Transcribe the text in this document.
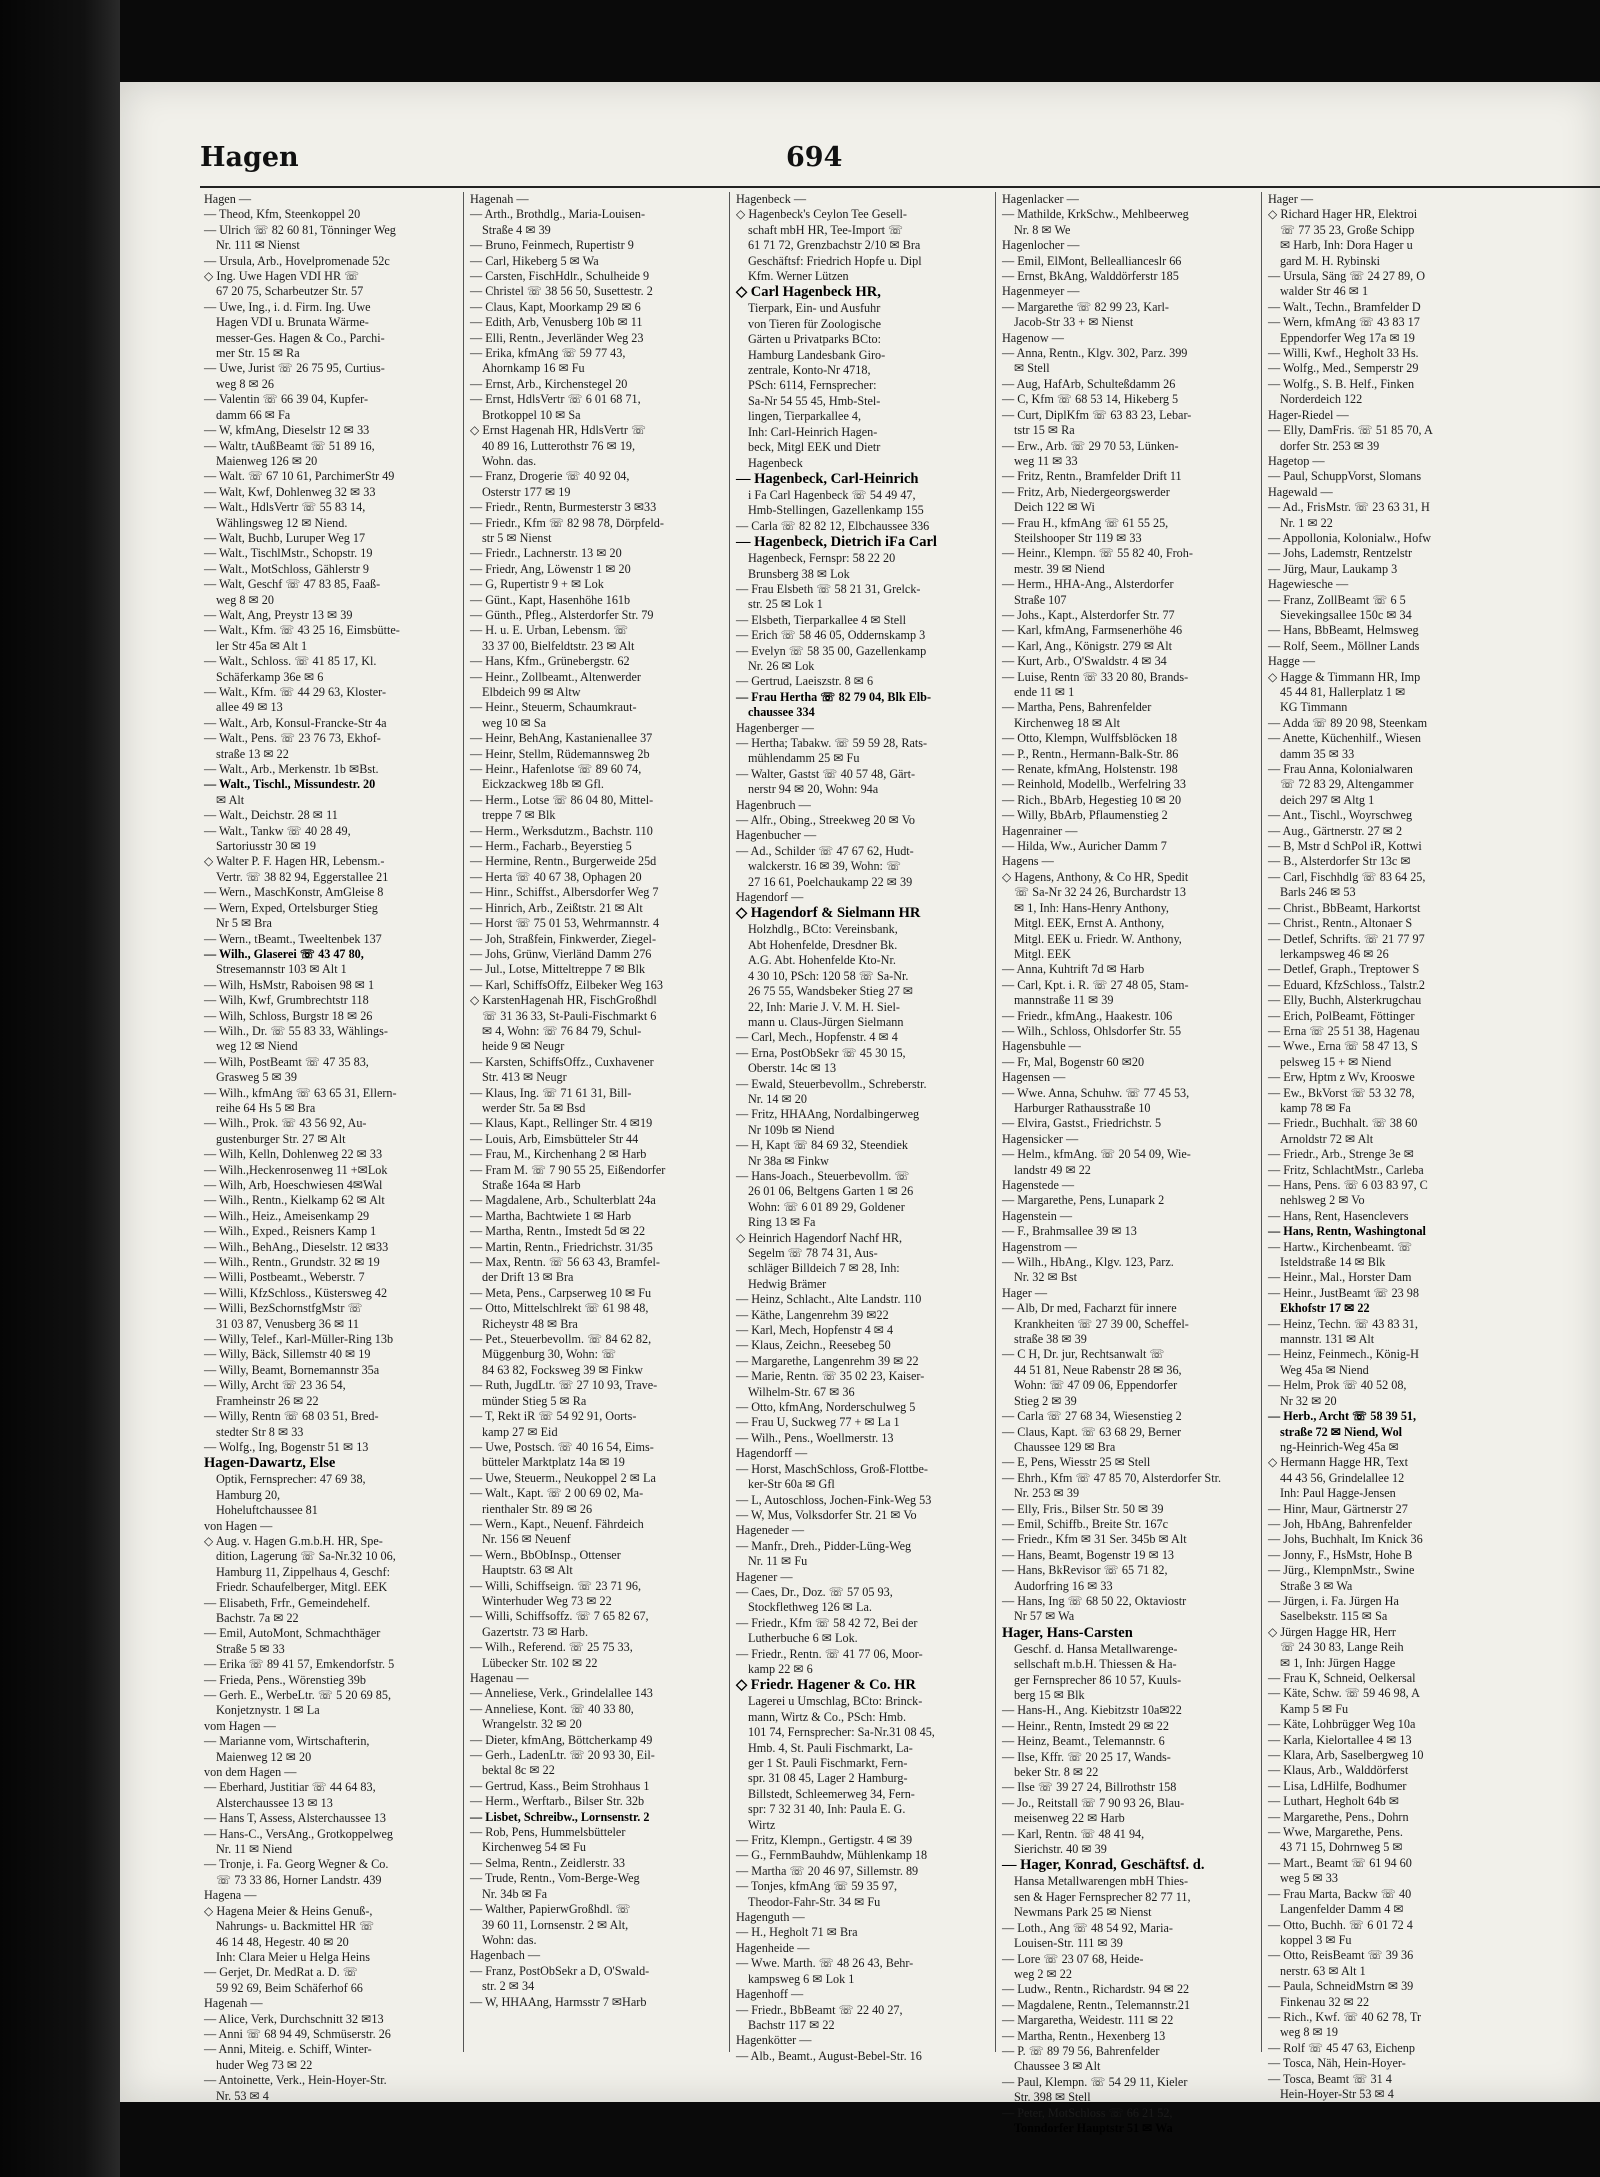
Hagen	694
Hagen —
— Theod, Kfm, Steenkoppel 20
— Ulrich ☏ 82 60 81, Tönninger Weg
Nr. 111 ✉ Nienst
— Ursula, Arb., Hovelpromenade 52c
◇ Ing. Uwe Hagen VDI HR ☏
67 20 75, Scharbeutzer Str. 57
— Uwe, Ing., i. d. Firm. Ing. Uwe
Hagen VDI u. Brunata Wärme-
messer-Ges. Hagen & Co., Parchi-
mer Str. 15 ✉ Ra
— Uwe, Jurist ☏ 26 75 95, Curtius-
weg 8 ✉ 26
— Valentin ☏ 66 39 04, Kupfer-
damm 66 ✉ Fa
— W, kfmAng, Dieselstr 12 ✉ 33
— Waltr, tAußBeamt ☏ 51 89 16,
Maienweg 126 ✉ 20
— Walt. ☏ 67 10 61, ParchimerStr 49
— Walt, Kwf, Dohlenweg 32 ✉ 33
— Walt., HdlsVertr ☏ 55 83 14,
Wählingsweg 12 ✉ Niend.
— Walt, Buchb, Luruper Weg 17
— Walt., TischlMstr., Schopstr. 19
— Walt., MotSchloss, Gählerstr 9
— Walt, Geschf ☏ 47 83 85, Faaß-
weg 8 ✉ 20
— Walt, Ang, Preystr 13 ✉ 39
— Walt., Kfm. ☏ 43 25 16, Eimsbütte-
ler Str 45a ✉ Alt 1
— Walt., Schloss. ☏ 41 85 17, Kl.
Schäferkamp 36e ✉ 6
— Walt., Kfm. ☏ 44 29 63, Kloster-
allee 49 ✉ 13
— Walt., Arb, Konsul-Francke-Str 4a
— Walt., Pens. ☏ 23 76 73, Ekhof-
straße 13 ✉ 22
— Walt., Arb., Merkenstr. 1b ✉Bst.
— Walt., Tischl., Missundestr. 20
✉ Alt
— Walt., Deichstr. 28 ✉ 11
— Walt., Tankw ☏ 40 28 49,
Sartoriusstr 30 ✉ 19
◇ Walter P. F. Hagen HR, Lebensm.-
Vertr. ☏ 38 82 94, Eggerstallee 21
— Wern., MaschKonstr, AmGleise 8
— Wern, Exped, Ortelsburger Stieg
Nr 5 ✉ Bra
— Wern., tBeamt., Tweeltenbek 137
— Wilh., Glaserei ☏ 43 47 80,
Stresemannstr 103 ✉ Alt 1
— Wilh, HsMstr, Raboisen 98 ✉ 1
— Wilh, Kwf, Grumbrechtstr 118
— Wilh, Schloss, Burgstr 18 ✉ 26
— Wilh., Dr. ☏ 55 83 33, Wählings-
weg 12 ✉ Niend
— Wilh, PostBeamt ☏ 47 35 83,
Grasweg 5 ✉ 39
— Wilh., kfmAng ☏ 63 65 31, Ellern-
reihe 64 Hs 5 ✉ Bra
— Wilh., Prok. ☏ 43 56 92, Au-
gustenburger Str. 27 ✉ Alt
— Wilh, Kelln, Dohlenweg 22 ✉ 33
— Wilh.,Heckenrosenweg 11 +✉Lok
— Wilh, Arb, Hoeschwiesen 4✉Wal
— Wilh., Rentn., Kielkamp 62 ✉ Alt
— Wilh., Heiz., Ameisenkamp 29
— Wilh., Exped., Reisners Kamp 1
— Wilh., BehAng., Dieselstr. 12 ✉33
— Wilh., Rentn., Grundstr. 32 ✉ 19
— Willi, Postbeamt., Weberstr. 7
— Willi, KfzSchloss., Küstersweg 42
— Willi, BezSchornstfgMstr ☏
31 03 87, Venusberg 36 ✉ 11
— Willy, Telef., Karl-Müller-Ring 13b
— Willy, Bäck, Sillemstr 40 ✉ 19
— Willy, Beamt, Bornemannstr 35a
— Willy, Archt ☏ 23 36 54,
Framheinstr 26 ✉ 22
— Willy, Rentn ☏ 68 03 51, Bred-
stedter Str 8 ✉ 33
— Wolfg., Ing, Bogenstr 51 ✉ 13
Hagen-Dawartz, Else
Optik, Fernsprecher: 47 69 38,
Hamburg 20,
Hoheluftchaussee 81
von Hagen —
◇ Aug. v. Hagen G.m.b.H. HR, Spe-
dition, Lagerung ☏ Sa-Nr.32 10 06,
Hamburg 11, Zippelhaus 4, Geschf:
Friedr. Schaufelberger, Mitgl. EEK
— Elisabeth, Frfr., Gemeindehelf.
Bachstr. 7a ✉ 22
— Emil, AutoMont, Schmachthäger
Straße 5 ✉ 33
— Erika ☏ 89 41 57, Emkendorfstr. 5
— Frieda, Pens., Wörenstieg 39b
— Gerh. E., WerbeLtr. ☏ 5 20 69 85,
Konjetznystr. 1 ✉ La
vom Hagen —
— Marianne vom, Wirtschafterin,
Maienweg 12 ✉ 20
von dem Hagen —
— Eberhard, Justitiar ☏ 44 64 83,
Alsterchaussee 13 ✉ 13
— Hans T, Assess, Alsterchaussee 13
— Hans-C., VersAng., Grotkoppelweg
Nr. 11 ✉ Niend
— Tronje, i. Fa. Georg Wegner & Co.
☏ 73 33 86, Horner Landstr. 439
Hagena —
◇ Hagena Meier & Heins Genuß-,
Nahrungs- u. Backmittel HR ☏
46 14 48, Hegestr. 40 ✉ 20
Inh: Clara Meier u Helga Heins
— Gerjet, Dr. MedRat a. D. ☏
59 92 69, Beim Schäferhof 66
Hagenah —
— Alice, Verk, Durchschnitt 32 ✉13
— Anni ☏ 68 94 49, Schmüserstr. 26
— Anni, Miteig. e. Schiff, Winter-
huder Weg 73 ✉ 22
— Antoinette, Verk., Hein-Hoyer-Str.
Nr. 53 ✉ 4
Hagenah —
— Arth., Brothdlg., Maria-Louisen-
Straße 4 ✉ 39
— Bruno, Feinmech, Rupertistr 9
— Carl, Hikeberg 5 ✉ Wa
— Carsten, FischHdlr., Schulheide 9
— Christel ☏ 38 56 50, Susettestr. 2
— Claus, Kapt, Moorkamp 29 ✉ 6
— Edith, Arb, Venusberg 10b ✉ 11
— Elli, Rentn., Jeverländer Weg 23
— Erika, kfmAng ☏ 59 77 43,
Ahornkamp 16 ✉ Fu
— Ernst, Arb., Kirchenstegel 20
— Ernst, HdlsVertr ☏ 6 01 68 71,
Brotkoppel 10 ✉ Sa
◇ Ernst Hagenah HR, HdlsVertr ☏
40 89 16, Lutterothstr 76 ✉ 19,
Wohn. das.
— Franz, Drogerie ☏ 40 92 04,
Osterstr 177 ✉ 19
— Friedr., Rentn, Burmesterstr 3 ✉33
— Friedr., Kfm ☏ 82 98 78, Dörpfeld-
str 5 ✉ Nienst
— Friedr., Lachnerstr. 13 ✉ 20
— Friedr, Ang, Löwenstr 1 ✉ 20
— G, Rupertistr 9 + ✉ Lok
— Günt., Kapt, Hasenhöhe 161b
— Günth., Pfleg., Alsterdorfer Str. 79
— H. u. E. Urban, Lebensm. ☏
33 37 00, Bielfeldtstr. 23 ✉ Alt
— Hans, Kfm., Grünebergstr. 62
— Heinr., Zollbeamt., Altenwerder
Elbdeich 99 ✉ Altw
— Heinr., Steuerm, Schaumkraut-
weg 10 ✉ Sa
— Heinr, BehAng, Kastanienallee 37
— Heinr, Stellm, Rüdemannsweg 2b
— Heinr., Hafenlotse ☏ 89 60 74,
Eickzackweg 18b ✉ Gfl.
— Herm., Lotse ☏ 86 04 80, Mittel-
treppe 7 ✉ Blk
— Herm., Werksdutzm., Bachstr. 110
— Herm., Facharb., Beyerstieg 5
— Hermine, Rentn., Burgerweide 25d
— Herta ☏ 40 67 38, Ophagen 20
— Hinr., Schiffst., Albersdorfer Weg 7
— Hinrich, Arb., Zeißtstr. 21 ✉ Alt
— Horst ☏ 75 01 53, Wehrmannstr. 4
— Joh, Straßfein, Finkwerder, Ziegel-
— Johs, Grünw, Vierländ Damm 276
— Jul., Lotse, Mitteltreppe 7 ✉ Blk
— Karl, SchiffsOffz, Eilbeker Weg 163
◇ KarstenHagenah HR, FischGroßhdl
☏ 31 36 33, St-Pauli-Fischmarkt 6
✉ 4, Wohn: ☏ 76 84 79, Schul-
heide 9 ✉ Neugr
— Karsten, SchiffsOffz., Cuxhavener
Str. 413 ✉ Neugr
— Klaus, Ing. ☏ 71 61 31, Bill-
werder Str. 5a ✉ Bsd
— Klaus, Kapt., Rellinger Str. 4 ✉19
— Louis, Arb, Eimsbütteler Str 44
— Frau, M., Kirchenhang 2 ✉ Harb
— Fram M. ☏ 7 90 55 25, Eißendorfer
Straße 164a ✉ Harb
— Magdalene, Arb., Schulterblatt 24a
— Martha, Bachtwiete 1 ✉ Harb
— Martha, Rentn., Imstedt 5d ✉ 22
— Martin, Rentn., Friedrichstr. 31/35
— Max, Rentn. ☏ 56 63 43, Bramfel-
der Drift 13 ✉ Bra
— Meta, Pens., Carpserweg 10 ✉ Fu
— Otto, Mittelschlrekt ☏ 61 98 48,
Richeystr 48 ✉ Bra
— Pet., Steuerbevollm. ☏ 84 62 82,
Müggenburg 30, Wohn: ☏
84 63 82, Focksweg 39 ✉ Finkw
— Ruth, JugdLtr. ☏ 27 10 93, Trave-
münder Stieg 5 ✉ Ra
— T, Rekt iR ☏ 54 92 91, Oorts-
kamp 27 ✉ Eid
— Uwe, Postsch. ☏ 40 16 54, Eims-
bütteler Marktplatz 14a ✉ 19
— Uwe, Steuerm., Neukoppel 2 ✉ La
— Walt., Kapt. ☏ 2 00 69 02, Ma-
rienthaler Str. 89 ✉ 26
— Wern., Kapt., Neuenf. Fährdeich
Nr. 156 ✉ Neuenf
— Wern., BbObInsp., Ottenser
Hauptstr. 63 ✉ Alt
— Willi, Schiffseign. ☏ 23 71 96,
Winterhuder Weg 73 ✉ 22
— Willi, Schiffsoffz. ☏ 7 65 82 67,
Gazertstr. 73 ✉ Harb.
— Wilh., Referend. ☏ 25 75 33,
Lübecker Str. 102 ✉ 22
Hagenau —
— Anneliese, Verk., Grindelallee 143
— Anneliese, Kont. ☏ 40 33 80,
Wrangelstr. 32 ✉ 20
— Dieter, kfmAng, Böttcherkamp 49
— Gerh., LadenLtr. ☏ 20 93 30, Eil-
bektal 8c ✉ 22
— Gertrud, Kass., Beim Strohhaus 1
— Herm., Werftarb., Bilser Str. 32b
— Lisbet, Schreibw., Lornsenstr. 2
— Rob, Pens, Hummelsbütteler
Kirchenweg 54 ✉ Fu
— Selma, Rentn., Zeidlerstr. 33
— Trude, Rentn., Vom-Berge-Weg
Nr. 34b ✉ Fa
— Walther, PapierwGroßhdl. ☏
39 60 11, Lornsenstr. 2 ✉ Alt,
Wohn: das.
Hagenbach —
— Franz, PostObSekr a D, O'Swald-
str. 2 ✉ 34
— W, HHAAng, Harmsstr 7 ✉Harb
Hagenbeck —
◇ Hagenbeck's Ceylon Tee Gesell-
schaft mbH HR, Tee-Import ☏
61 71 72, Grenzbachstr 2/10 ✉ Bra
Geschäftsf: Friedrich Hopfe u. Dipl
Kfm. Werner Lützen
◇ Carl Hagenbeck HR,
Tierpark, Ein- und Ausfuhr
von Tieren für Zoologische
Gärten u Privatparks BCto:
Hamburg Landesbank Giro-
zentrale, Konto-Nr 4718,
PSch: 6114, Fernsprecher:
Sa-Nr 54 55 45, Hmb-Stel-
lingen, Tierparkallee 4,
Inh: Carl-Heinrich Hagen-
beck, Mitgl EEK und Dietr
Hagenbeck
— Hagenbeck, Carl-Heinrich
i Fa Carl Hagenbeck ☏ 54 49 47,
Hmb-Stellingen, Gazellenkamp 155
— Carla ☏ 82 82 12, Elbchaussee 336
— Hagenbeck, Dietrich iFa Carl
Hagenbeck, Fernspr: 58 22 20
Brunsberg 38 ✉ Lok
— Frau Elsbeth ☏ 58 21 31, Grelck-
str. 25 ✉ Lok 1
— Elsbeth, Tierparkallee 4 ✉ Stell
— Erich ☏ 58 46 05, Oddernskamp 3
— Evelyn ☏ 58 35 00, Gazellenkamp
Nr. 26 ✉ Lok
— Gertrud, Laeiszstr. 8 ✉ 6
— Frau Hertha ☏ 82 79 04, Blk Elb-
chaussee 334
Hagenberger —
— Hertha; Tabakw. ☏ 59 59 28, Rats-
mühlendamm 25 ✉ Fu
— Walter, Gastst ☏ 40 57 48, Gärt-
nerstr 94 ✉ 20, Wohn: 94a
Hagenbruch —
— Alfr., Obing., Streekweg 20 ✉ Vo
Hagenbucher —
— Ad., Schilder ☏ 47 67 62, Hudt-
walckerstr. 16 ✉ 39, Wohn: ☏
27 16 61, Poelchaukamp 22 ✉ 39
Hagendorf —
◇ Hagendorf & Sielmann HR
Holzhdlg., BCto: Vereinsbank,
Abt Hohenfelde, Dresdner Bk.
A.G. Abt. Hohenfelde Kto-Nr.
4 30 10, PSch: 120 58 ☏ Sa-Nr.
26 75 55, Wandsbeker Stieg 27 ✉
22, Inh: Marie J. V. M. H. Siel-
mann u. Claus-Jürgen Sielmann
— Carl, Mech., Hopfenstr. 4 ✉ 4
— Erna, PostObSekr ☏ 45 30 15,
Oberstr. 14c ✉ 13
— Ewald, Steuerbevollm., Schreberstr.
Nr. 14 ✉ 20
— Fritz, HHAAng, Nordalbingerweg
Nr 109b ✉ Niend
— H, Kapt ☏ 84 69 32, Steendiek
Nr 38a ✉ Finkw
— Hans-Joach., Steuerbevollm. ☏
26 01 06, Beltgens Garten 1 ✉ 26
Wohn: ☏ 6 01 89 29, Goldener
Ring 13 ✉ Fa
◇ Heinrich Hagendorf Nachf HR,
Segelm ☏ 78 74 31, Aus-
schläger Billdeich 7 ✉ 28, Inh:
Hedwig Brämer
— Heinz, Schlacht., Alte Landstr. 110
— Käthe, Langenrehm 39 ✉22
— Karl, Mech, Hopfenstr 4 ✉ 4
— Klaus, Zeichn., Reesebeg 50
— Margarethe, Langenrehm 39 ✉ 22
— Marie, Rentn. ☏ 35 02 23, Kaiser-
Wilhelm-Str. 67 ✉ 36
— Otto, kfmAng, Norderschulweg 5
— Frau U, Suckweg 77 + ✉ La 1
— Wilh., Pens., Woellmerstr. 13
Hagendorff —
— Horst, MaschSchloss, Groß-Flottbe-
ker-Str 60a ✉ Gfl
— L, Autoschloss, Jochen-Fink-Weg 53
— W, Mus, Volksdorfer Str. 21 ✉ Vo
Hageneder —
— Manfr., Dreh., Pidder-Lüng-Weg
Nr. 11 ✉ Fu
Hagener —
— Caes, Dr., Doz. ☏ 57 05 93,
Stockflethweg 126 ✉ La.
— Friedr., Kfm ☏ 58 42 72, Bei der
Lutherbuche 6 ✉ Lok.
— Friedr., Rentn. ☏ 41 77 06, Moor-
kamp 22 ✉ 6
◇ Friedr. Hagener & Co. HR
Lagerei u Umschlag, BCto: Brinck-
mann, Wirtz & Co., PSch: Hmb.
101 74, Fernsprecher: Sa-Nr.31 08 45,
Hmb. 4, St. Pauli Fischmarkt, La-
ger 1 St. Pauli Fischmarkt, Fern-
spr. 31 08 45, Lager 2 Hamburg-
Billstedt, Schleemerweg 34, Fern-
spr: 7 32 31 40, Inh: Paula E. G.
Wirtz
— Fritz, Klempn., Gertigstr. 4 ✉ 39
— G., FernmBauhdw, Mühlenkamp 18
— Martha ☏ 20 46 97, Sillemstr. 89
— Tonjes, kfmAng ☏ 59 35 97,
Theodor-Fahr-Str. 34 ✉ Fu
Hagenguth —
— H., Hegholt 71 ✉ Bra
Hagenheide —
— Wwe. Marth. ☏ 48 26 43, Behr-
kampsweg 6 ✉ Lok 1
Hagenhoff —
— Friedr., BbBeamt ☏ 22 40 27,
Bachstr 117 ✉ 22
Hagenkötter —
— Alb., Beamt., August-Bebel-Str. 16
Hagenlacker —
— Mathilde, KrkSchw., Mehlbeerweg
Nr. 8 ✉ We
Hagenlocher —
— Emil, ElMont, Belleallianceslr 66
— Ernst, BkAng, Walddörferstr 185
Hagenmeyer —
— Margarethe ☏ 82 99 23, Karl-
Jacob-Str 33 + ✉ Nienst
Hagenow —
— Anna, Rentn., Klgv. 302, Parz. 399
✉ Stell
— Aug, HafArb, Schulteßdamm 26
— C, Kfm ☏ 68 53 14, Hikeberg 5
— Curt, DiplKfm ☏ 63 83 23, Lebar-
tstr 15 ✉ Ra
— Erw., Arb. ☏ 29 70 53, Lünken-
weg 11 ✉ 33
— Fritz, Rentn., Bramfelder Drift 11
— Fritz, Arb, Niedergeorgswerder
Deich 122 ✉ Wi
— Frau H., kfmAng ☏ 61 55 25,
Steilshooper Str 119 ✉ 33
— Heinr., Klempn. ☏ 55 82 40, Froh-
mestr. 39 ✉ Niend
— Herm., HHA-Ang., Alsterdorfer
Straße 107
— Johs., Kapt., Alsterdorfer Str. 77
— Karl, kfmAng, Farmsenerhöhe 46
— Karl, Ang., Königstr. 279 ✉ Alt
— Kurt, Arb., O'Swaldstr. 4 ✉ 34
— Luise, Rentn ☏ 33 20 80, Brands-
ende 11 ✉ 1
— Martha, Pens, Bahrenfelder
Kirchenweg 18 ✉ Alt
— Otto, Klempn, Wulffsblöcken 18
— P., Rentn., Hermann-Balk-Str. 86
— Renate, kfmAng, Holstenstr. 198
— Reinhold, Modellb., Werfelring 33
— Rich., BbArb, Hegestieg 10 ✉ 20
— Willy, BbArb, Pflaumenstieg 2
Hagenrainer —
— Hilda, Ww., Auricher Damm 7
Hagens —
◇ Hagens, Anthony, & Co HR, Spedit
☏ Sa-Nr 32 24 26, Burchardstr 13
✉ 1, Inh: Hans-Henry Anthony,
Mitgl. EEK, Ernst A. Anthony,
Mitgl. EEK u. Friedr. W. Anthony,
Mitgl. EEK
— Anna, Kuhtrift 7d ✉ Harb
— Carl, Kpt. i. R. ☏ 27 48 05, Stam-
mannstraße 11 ✉ 39
— Friedr., kfmAng., Haakestr. 106
— Wilh., Schloss, Ohlsdorfer Str. 55
Hagensbuhle —
— Fr, Mal, Bogenstr 60 ✉20
Hagensen —
— Wwe. Anna, Schuhw. ☏ 77 45 53,
Harburger Rathausstraße 10
— Elvira, Gastst., Friedrichstr. 5
Hagensicker —
— Helm., kfmAng. ☏ 20 54 09, Wie-
landstr 49 ✉ 22
Hagenstede —
— Margarethe, Pens, Lunapark 2
Hagenstein —
— F., Brahmsallee 39 ✉ 13
Hagenstrom —
— Wilh., HbAng., Klgv. 123, Parz.
Nr. 32 ✉ Bst
Hager —
— Alb, Dr med, Facharzt für innere
Krankheiten ☏ 27 39 00, Scheffel-
straße 38 ✉ 39
— C H, Dr. jur, Rechtsanwalt ☏
44 51 81, Neue Rabenstr 28 ✉ 36,
Wohn: ☏ 47 09 06, Eppendorfer
Stieg 2 ✉ 39
— Carla ☏ 27 68 34, Wiesenstieg 2
— Claus, Kapt. ☏ 63 68 29, Berner
Chaussee 129 ✉ Bra
— E, Pens, Wiesstr 25 ✉ Stell
— Ehrh., Kfm ☏ 47 85 70, Alsterdorfer Str.
Nr. 253 ✉ 39
— Elly, Fris., Bilser Str. 50 ✉ 39
— Emil, Schiffb., Breite Str. 167c
— Friedr., Kfm ✉ 31 Ser. 345b ✉ Alt
— Hans, Beamt, Bogenstr 19 ✉ 13
— Hans, BkRevisor ☏ 65 71 82,
Audorfring 16 ✉ 33
— Hans, Ing ☏ 68 50 22, Oktaviostr
Nr 57 ✉ Wa
Hager, Hans-Carsten
Geschf. d. Hansa Metallwarenge-
sellschaft m.b.H. Thiessen & Ha-
ger Fernsprecher 86 10 57, Kuuls-
berg 15 ✉ Blk
— Hans-H., Ang. Kiebitzstr 10a✉22
— Heinr., Rentn, Imstedt 29 ✉ 22
— Heinz, Beamt., Telemannstr. 6
— Ilse, Kffr. ☏ 20 25 17, Wands-
beker Str. 8 ✉ 22
— Ilse ☏ 39 27 24, Billrothstr 158
— Jo., Reitstall ☏ 7 90 93 26, Blau-
meisenweg 22 ✉ Harb
— Karl, Rentn. ☏ 48 41 94,
Sierichstr. 40 ✉ 39
— Hager, Konrad, Geschäftsf. d.
Hansa Metallwarengen mbH Thies-
sen & Hager Fernsprecher 82 77 11,
Newmans Park 25 ✉ Nienst
— Loth., Ang ☏ 48 54 92, Maria-
Louisen-Str. 111 ✉ 39
— Lore ☏ 23 07 68, Heide-
weg 2 ✉ 22
— Ludw., Rentn., Richardstr. 94 ✉ 22
— Magdalene, Rentn., Telemannstr.21
— Margaretha, Weidestr. 111 ✉ 22
— Martha, Rentn., Hexenberg 13
— P. ☏ 89 79 56, Bahrenfelder
Chaussee 3 ✉ Alt
— Paul, Klempn. ☏ 54 29 11, Kieler
Str. 398 ✉ Stell
— Peter, MotSchloss ☏ 66 21 52,
Tonndorfer Hauptstr 51 ✉ Wa
Hager —
◇ Richard Hager HR, Elektroi
☏ 77 35 23, Große Schipp
✉ Harb, Inh: Dora Hager u
gard M. H. Rybinski
— Ursula, Säng ☏ 24 27 89, O
walder Str 46 ✉ 1
— Walt., Techn., Bramfelder D
— Wern, kfmAng ☏ 43 83 17
Eppendorfer Weg 17a ✉ 19
— Willi, Kwf., Hegholt 33 Hs.
— Wolfg., Med., Semperstr 29
— Wolfg., S. B. Helf., Finken
Norderdeich 122
Hager-Riedel —
— Elly, DamFris. ☏ 51 85 70, A
dorfer Str. 253 ✉ 39
Hagetop —
— Paul, SchuppVorst, Slomans
Hagewald —
— Ad., FrisMstr. ☏ 23 63 31, H
Nr. 1 ✉ 22
— Appollonia, Kolonialw., Hofw
— Johs, Lademstr, Rentzelstr
— Jürg, Maur, Laukamp 3
Hagewiesche —
— Franz, ZollBeamt ☏ 6 5
Sievekingsallee 150c ✉ 34
— Hans, BbBeamt, Helmsweg
— Rolf, Seem., Möllner Lands
Hagge —
◇ Hagge & Timmann HR, Imp
45 44 81, Hallerplatz 1 ✉
KG Timmann
— Adda ☏ 89 20 98, Steenkam
— Anette, Küchenhilf., Wiesen
damm 35 ✉ 33
— Frau Anna, Kolonialwaren
☏ 72 83 29, Altengammer
deich 297 ✉ Altg 1
— Ant., Tischl., Woyrschweg
— Aug., Gärtnerstr. 27 ✉ 2
— B, Mstr d SchPol iR, Kottwi
— B., Alsterdorfer Str 13c ✉
— Carl, Fischhdlg ☏ 83 64 25,
Barls 246 ✉ 53
— Christ., BbBeamt, Harkortst
— Christ., Rentn., Altonaer S
— Detlef, Schrifts. ☏ 21 77 97
lerkampsweg 46 ✉ 26
— Detlef, Graph., Treptower S
— Eduard, KfzSchloss., Talstr.2
— Elly, Buchh, Alsterkrugchau
— Erich, PolBeamt, Föttinger
— Erna ☏ 25 51 38, Hagenau
— Wwe., Erna ☏ 58 47 13, S
pelsweg 15 + ✉ Niend
— Erw, Hptm z Wv, Krooswe
— Ew., BkVorst ☏ 53 32 78,
kamp 78 ✉ Fa
— Friedr., Buchhalt. ☏ 38 60
Arnoldstr 72 ✉ Alt
— Friedr., Arb., Strenge 3e ✉
— Fritz, SchlachtMstr., Carleba
— Hans, Pens. ☏ 6 03 83 97, C
nehlsweg 2 ✉ Vo
— Hans, Rent, Hasenclevers
— Hans, Rentn, Washingtonal
— Hartw., Kirchenbeamt. ☏
Isteldstraße 14 ✉ Blk
— Heinr., Mal., Horster Dam
— Heinr., JustBeamt ☏ 23 98
Ekhofstr 17 ✉ 22
— Heinz, Techn. ☏ 43 83 31,
mannstr. 131 ✉ Alt
— Heinz, Feinmech., König-H
Weg 45a ✉ Niend
— Helm, Prok ☏ 40 52 08,
Nr 32 ✉ 20
— Herb., Archt ☏ 58 39 51,
straße 72 ✉ Niend, Wol
ng-Heinrich-Weg 45a ✉
◇ Hermann Hagge HR, Text
44 43 56, Grindelallee 12
Inh: Paul Hagge-Jensen
— Hinr, Maur, Gärtnerstr 27
— Joh, HbAng, Bahrenfelder
— Johs, Buchhalt, Im Knick 36
— Jonny, F., HsMstr, Hohe B
— Jürg., KlempnMstr., Swine
Straße 3 ✉ Wa
— Jürgen, i. Fa. Jürgen Ha
Saselbekstr. 115 ✉ Sa
◇ Jürgen Hagge HR, Herr
☏ 24 30 83, Lange Reih
✉ 1, Inh: Jürgen Hagge
— Frau K, Schneid, Oelkersal
— Käte, Schw. ☏ 59 46 98, A
Kamp 5 ✉ Fu
— Käte, Lohbrügger Weg 10a
— Karla, Kielortallee 4 ✉ 13
— Klara, Arb, Saselbergweg 10
— Klaus, Arb., Walddörferst
— Lisa, LdHilfe, Bodhumer
— Luthart, Hegholt 64b ✉
— Margarethe, Pens., Dohrn
— Wwe, Margarethe, Pens.
43 71 15, Dohrnweg 5 ✉
— Mart., Beamt ☏ 61 94 60
weg 5 ✉ 33
— Frau Marta, Backw ☏ 40
Langenfelder Damm 4 ✉
— Otto, Buchh. ☏ 6 01 72 4
koppel 3 ✉ Fu
— Otto, ReisBeamt ☏ 39 36
nerstr. 63 ✉ Alt 1
— Paula, SchneidMstrn ✉ 39
Finkenau 32 ✉ 22
— Rich., Kwf. ☏ 40 62 78, Tr
weg 8 ✉ 19
— Rolf ☏ 45 47 63, Eichenp
— Tosca, Näh, Hein-Hoyer-
— Tosca, Beamt ☏ 31 4
Hein-Hoyer-Str 53 ✉ 4
